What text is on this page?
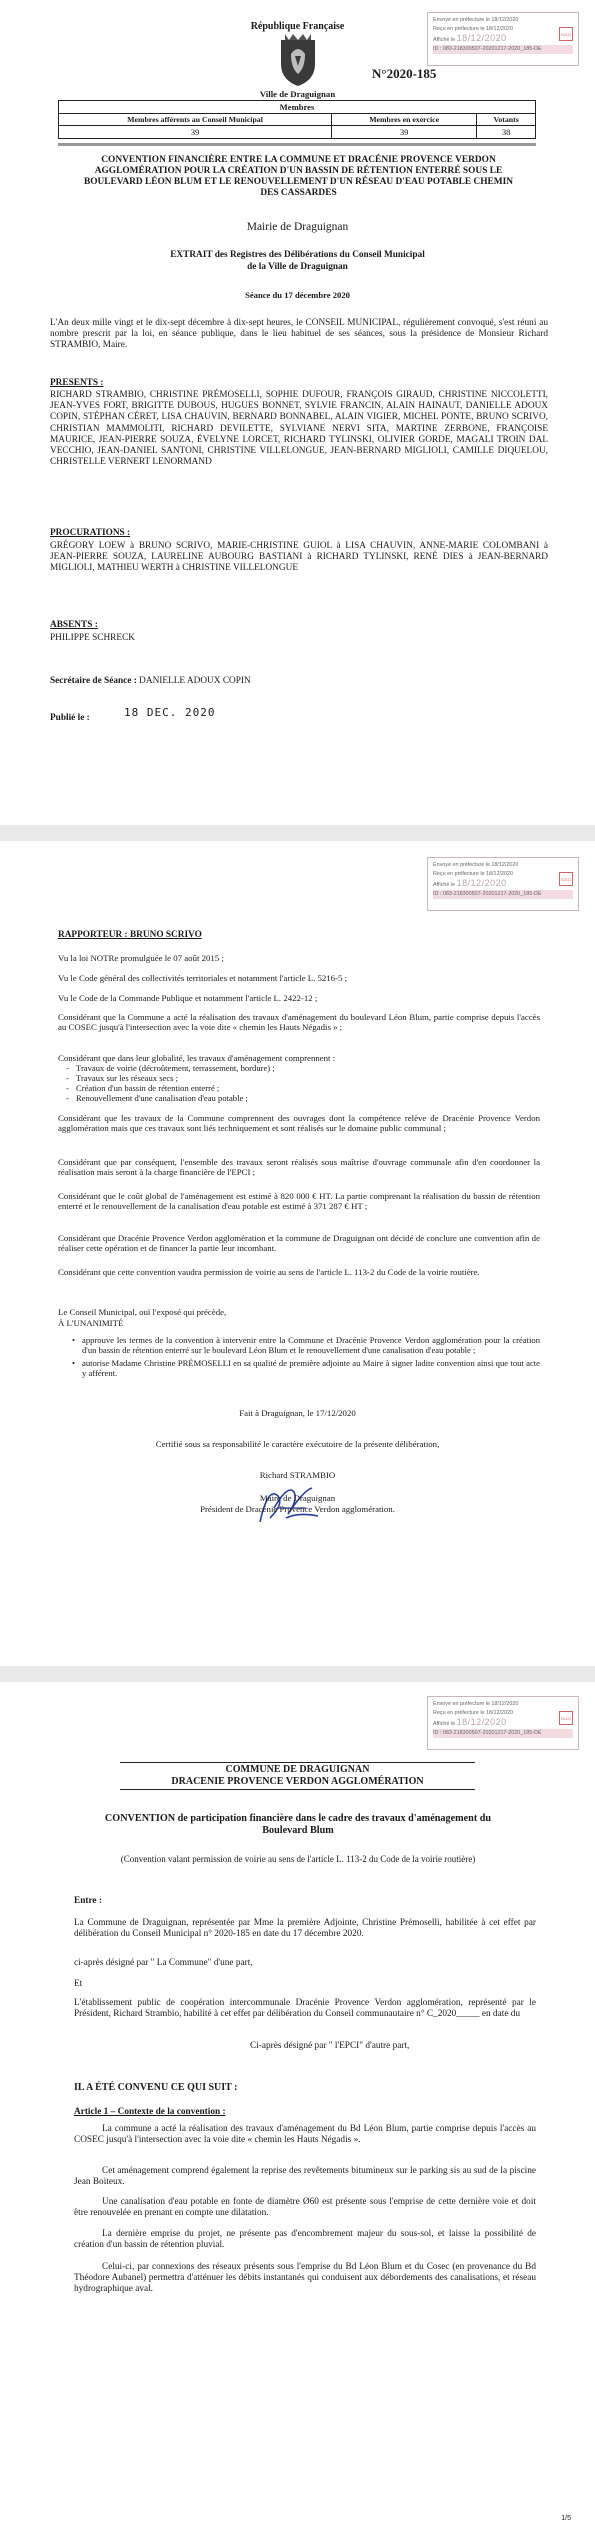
Envoyé en préfecture le 18/12/2020
Reçu en préfecture le 18/12/2020
Affiché le 18/12/2020
ID : 083-218300507-20201217-2020_185-DE
S2LO
République Française
Ville de Draguignan
N°2020-185
Membres		
Membres afférents au Conseil Municipal	Membres en exercice	Votants
39	39	38
CONVENTION FINANCIÈRE ENTRE LA COMMUNE ET DRACÉNIE PROVENCE VERDON AGGLOMÉRATION POUR LA CRÉATION D'UN BASSIN DE RÉTENTION ENTERRÉ SOUS LE BOULEVARD LÉON BLUM ET LE RENOUVELLEMENT D'UN RÉSEAU D'EAU POTABLE CHEMIN DES CASSARDES
Mairie de Draguignan
EXTRAIT des Registres des Délibérations du Conseil Municipal
de la Ville de Draguignan
Séance du 17 décembre 2020
L'An deux mille vingt et le dix-sept décembre à dix-sept heures, le CONSEIL MUNICIPAL, régulièrement convoqué, s'est réuni au nombre prescrit par la loi, en séance publique, dans le lieu habituel de ses séances, sous la présidence de Monsieur Richard STRAMBIO, Maire.
PRESENTS :
RICHARD STRAMBIO, CHRISTINE PRÉMOSELLI, SOPHIE DUFOUR, FRANÇOIS GIRAUD, CHRISTINE NICCOLETTI, JEAN-YVES FORT, BRIGITTE DUBOUS, HUGUES BONNET, SYLVIE FRANCIN, ALAIN HAINAUT, DANIELLE ADOUX COPIN, STÉPHAN CÉRET, LISA CHAUVIN, BERNARD BONNABEL, ALAIN VIGIER, MICHEL PONTE, BRUNO SCRIVO, CHRISTIAN MAMMOLITI, RICHARD DEVILETTE, SYLVIANE NERVI SITA, MARTINE ZERBONE, FRANÇOISE MAURICE, JEAN-PIERRE SOUZA, ÉVELYNE LORCET, RICHARD TYLINSKI, OLIVIER GORDE, MAGALI TROIN DAL VECCHIO, JEAN-DANIEL SANTONI, CHRISTINE VILLELONGUE, JEAN-BERNARD MIGLIOLI, CAMILLE DIQUELOU, CHRISTELLE VERNERT LENORMAND
PROCURATIONS :
GRÉGORY LOEW à BRUNO SCRIVO, MARIE-CHRISTINE GUIOL à LISA CHAUVIN, ANNE-MARIE COLOMBANI à JEAN-PIERRE SOUZA, LAURELINE AUBOURG BASTIANI à RICHARD TYLINSKI, RENÉ DIES à JEAN-BERNARD MIGLIOLI, MATHIEU WERTH à CHRISTINE VILLELONGUE
ABSENTS :
PHILIPPE SCHRECK
Secrétaire de Séance : DANIELLE ADOUX COPIN
Publié le :	18 DEC. 2020
Envoyé en préfecture le 18/12/2020
Reçu en préfecture le 18/12/2020
Affiché le 18/12/2020
ID : 083-218300507-20201217-2020_185-DE
S2LO
RAPPORTEUR : BRUNO SCRIVO
Vu la loi NOTRe promulguée le 07 août 2015 ;
Vu le Code général des collectivités territoriales et notamment l'article L. 5216-5 ;
Vu le Code de la Commande Publique et notamment l'article L. 2422-12 ;
Considérant que la Commune a acté la réalisation des travaux d'aménagement du boulevard Léon Blum, partie comprise depuis l'accès au COSEC jusqu'à l'intersection avec la voie dite « chemin les Hauts Négadis » ;
Considérant que dans leur globalité, les travaux d'aménagement comprennent :
- Travaux de voirie (décroûtement, terrassement, bordure) ;
- Travaux sur les réseaux secs ;
- Création d'un bassin de rétention enterré ;
- Renouvellement d'une canalisation d'eau potable ;
Considérant que les travaux de la Commune comprennent des ouvrages dont la compétence relève de Dracénie Provence Verdon agglomération mais que ces travaux sont liés techniquement et sont réalisés sur le domaine public communal ;
Considérant que par conséquent, l'ensemble des travaux seront réalisés sous maîtrise d'ouvrage communale afin d'en coordonner la réalisation mais seront à la charge financière de l'EPCI ;
Considérant que le coût global de l'aménagement est estimé à 820 000 € HT. La partie comprenant la réalisation du bassin de rétention enterré et le renouvellement de la canalisation d'eau potable est estimé à 371 287 € HT ;
Considérant que Dracénie Provence Verdon agglomération et la commune de Draguignan ont décidé de conclure une convention afin de réaliser cette opération et de financer la partie leur incombant.
Considérant que cette convention vaudra permission de voirie au sens de l'article L. 113-2 du Code de la voirie routière.
Le Conseil Municipal, ouï l'exposé qui précède,
À L'UNANIMITÉ
• approuve les termes de la convention à intervenir entre la Commune et Dracénie Provence Verdon agglomération pour la création d'un bassin de rétention enterré sur le boulevard Léon Blum et le renouvellement d'une canalisation d'eau potable ;
• autorise Madame Christine PRÉMOSELLI en sa qualité de première adjointe au Maire à signer ladite convention ainsi que tout acte y afférent.
Fait à Draguignan, le 17/12/2020
Certifié sous sa responsabilité le caractère exécutoire de la présente délibération,
Richard STRAMBIO
Maire de Draguignan
Président de Dracénie Provence Verdon agglomération.
Envoyé en préfecture le 18/12/2020
Reçu en préfecture le 18/12/2020
Affiché le 18/12/2020
ID : 083-218300507-20201217-2020_185-DE
S2LO
COMMUNE DE DRAGUIGNAN
DRACENIE PROVENCE VERDON AGGLOMÉRATION
CONVENTION de participation financière dans le cadre des travaux d'aménagement du Boulevard Blum
(Convention valant permission de voirie au sens de l'article L. 113-2 du Code de la voirie routière)
Entre :
La Commune de Draguignan, représentée par Mme la première Adjointe, Christine Prémoselli, habilitée à cet effet par délibération du Conseil Municipal n° 2020-185 en date du 17 décembre 2020.
ci-après désigné par " La Commune" d'une part,
Et
L'établissement public de coopération intercommunale Dracénie Provence Verdon agglomération, représenté par le Président, Richard Strambio, habilité à cet effet par délibération du Conseil communautaire n° C_2020_____ en date du
Ci-après désigné par " l'EPCI" d'autre part,
IL A ÉTÉ CONVENU CE QUI SUIT :
Article 1 – Contexte de la convention :
La commune a acté la réalisation des travaux d'aménagement du Bd Léon Blum, partie comprise depuis l'accès au COSEC jusqu'à l'intersection avec la voie dite « chemin les Hauts Négadis ».
Cet aménagement comprend également la reprise des revêtements bitumineux sur le parking sis au sud de la piscine Jean Boiteux.
Une canalisation d'eau potable en fonte de diamètre Ø60 est présente sous l'emprise de cette dernière voie et doit être renouvelée en prenant en compte une dilatation.
La dernière emprise du projet, ne présente pas d'encombrement majeur du sous-sol, et laisse la possibilité de création d'un bassin de rétention pluvial.
Celui-ci, par connexions des réseaux présents sous l'emprise du Bd Léon Blum et du Cosec (en provenance du Bd Théodore Aubanel) permettra d'atténuer les débits instantanés qui conduisent aux débordements des canalisations, et réseau hydrographique aval.
1/5
